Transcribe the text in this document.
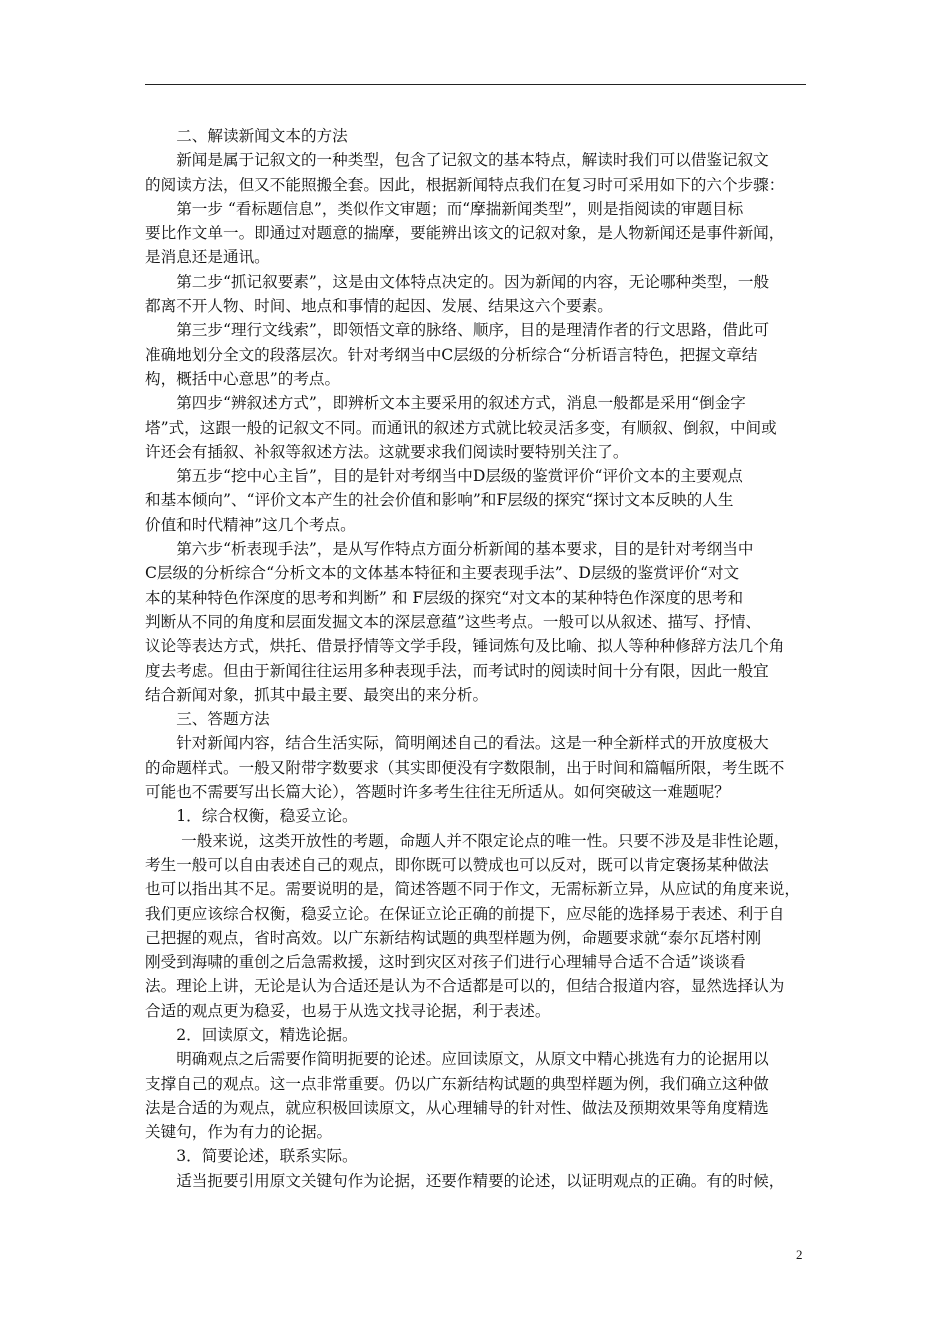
　　二、解读新闻文本的方法
　　新闻是属于记叙文的一种类型，包含了记叙文的基本特点，解读时我们可以借鉴记叙文
的阅读方法，但又不能照搬全套。因此，根据新闻特点我们在复习时可采用如下的六个步骤：
　　第一步 “看标题信息”，类似作文审题；而“摩揣新闻类型”，则是指阅读的审题目标
要比作文单一。即通过对题意的揣摩，要能辨出该文的记叙对象，是人物新闻还是事件新闻，
是消息还是通讯。
　　第二步“抓记叙要素”，这是由文体特点决定的。因为新闻的内容，无论哪种类型，一般
都离不开人物、时间、地点和事情的起因、发展、结果这六个要素。
　　第三步“理行文线索”，即领悟文章的脉络、顺序，目的是理清作者的行文思路，借此可
准确地划分全文的段落层次。针对考纲当中C层级的分析综合“分析语言特色，把握文章结
构，概括中心意思”的考点。
　　第四步“辨叙述方式”，即辨析文本主要采用的叙述方式，消息一般都是采用“倒金字
塔”式，这跟一般的记叙文不同。而通讯的叙述方式就比较灵活多变，有顺叙、倒叙，中间或
许还会有插叙、补叙等叙述方法。这就要求我们阅读时要特别关注了。
　　第五步“挖中心主旨”，目的是针对考纲当中D层级的鉴赏评价“评价文本的主要观点
和基本倾向”、“评价文本产生的社会价值和影响”和F层级的探究“探讨文本反映的人生
价值和时代精神”这几个考点。
　　第六步“析表现手法”，是从写作特点方面分析新闻的基本要求，目的是针对考纲当中
C层级的分析综合“分析文本的文体基本特征和主要表现手法”、D层级的鉴赏评价“对文
本的某种特色作深度的思考和判断” 和 F层级的探究“对文本的某种特色作深度的思考和
判断从不同的角度和层面发掘文本的深层意蕴”这些考点。一般可以从叙述、描写、抒情、
议论等表达方式，烘托、借景抒情等文学手段，锤词炼句及比喻、拟人等种种修辞方法几个角
度去考虑。但由于新闻往往运用多种表现手法，而考试时的阅读时间十分有限，因此一般宜
结合新闻对象，抓其中最主要、最突出的来分析。
　　三、答题方法
　　针对新闻内容，结合生活实际，简明阐述自己的看法。这是一种全新样式的开放度极大
的命题样式。一般又附带字数要求（其实即便没有字数限制，出于时间和篇幅所限，考生既不
可能也不需要写出长篇大论），答题时许多考生往往无所适从。如何突破这一难题呢？
　　1．综合权衡，稳妥立论。
　　 一般来说，这类开放性的考题，命题人并不限定论点的唯一性。只要不涉及是非性论题，
考生一般可以自由表述自己的观点，即你既可以赞成也可以反对，既可以肯定褒扬某种做法
也可以指出其不足。需要说明的是，简述答题不同于作文，无需标新立异，从应试的角度来说，
我们更应该综合权衡，稳妥立论。在保证立论正确的前提下，应尽能的选择易于表述、利于自
己把握的观点，省时高效。以广东新结构试题的典型样题为例，命题要求就“泰尔瓦塔村刚
刚受到海啸的重创之后急需救援，这时到灾区对孩子们进行心理辅导合适不合适”谈谈看
法。理论上讲，无论是认为合适还是认为不合适都是可以的，但结合报道内容，显然选择认为
合适的观点更为稳妥，也易于从选文找寻论据，利于表述。
　　2．回读原文，精选论据。
　　明确观点之后需要作简明扼要的论述。应回读原文，从原文中精心挑选有力的论据用以
支撑自己的观点。这一点非常重要。仍以广东新结构试题的典型样题为例，我们确立这种做
法是合适的为观点，就应积极回读原文，从心理辅导的针对性、做法及预期效果等角度精选
关键句，作为有力的论据。
　　3．简要论述，联系实际。
　　适当扼要引用原文关键句作为论据，还要作精要的论述，以证明观点的正确。有的时候，
2
